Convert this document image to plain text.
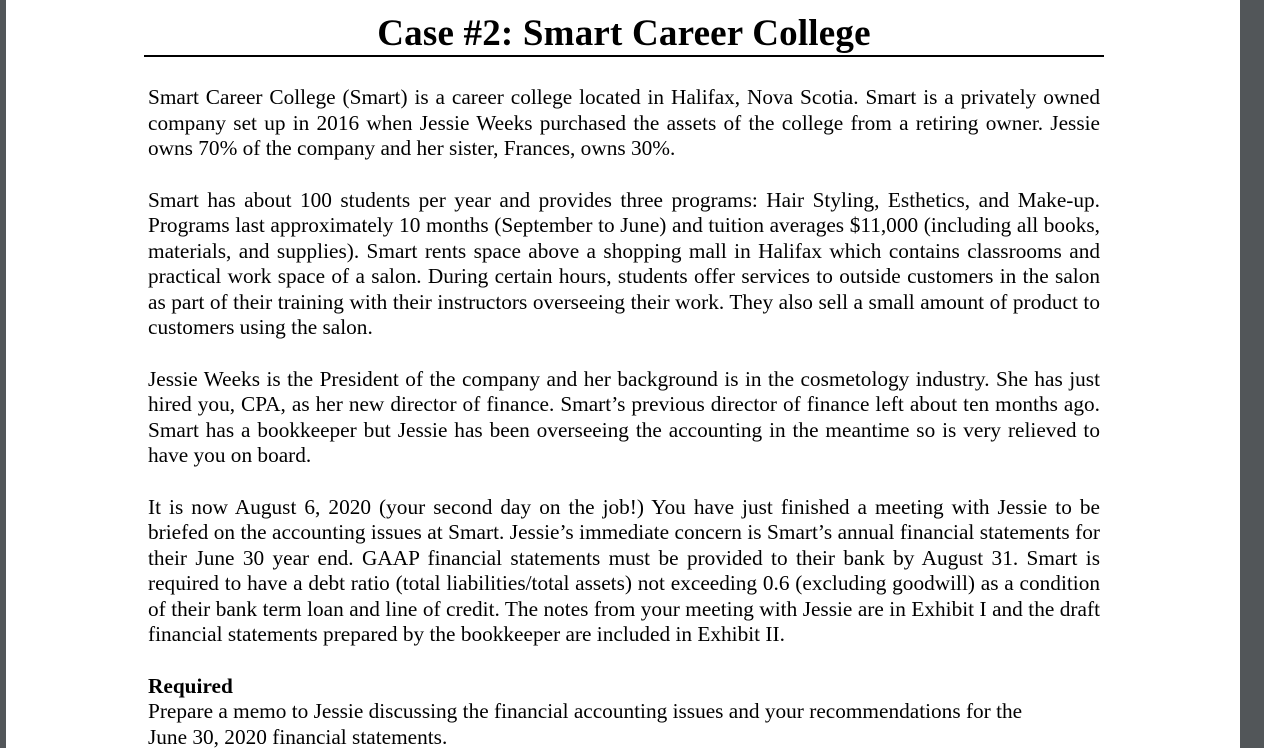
Case #2: Smart Career College

Smart Career College (Smart) is a career college located in Halifax, Nova Scotia. Smart is a privately owned company set up in 2016 when Jessie Weeks purchased the assets of the college from a retiring owner. Jessie owns 70% of the company and her sister, Frances, owns 30%.

Smart has about 100 students per year and provides three programs: Hair Styling, Esthetics, and Make-up. Programs last approximately 10 months (September to June) and tuition averages $11,000 (including all books, materials, and supplies). Smart rents space above a shopping mall in Halifax which contains classrooms and practical work space of a salon. During certain hours, students offer services to outside customers in the salon as part of their training with their instructors overseeing their work. They also sell a small amount of product to customers using the salon.

Jessie Weeks is the President of the company and her background is in the cosmetology industry. She has just hired you, CPA, as her new director of finance. Smart’s previous director of finance left about ten months ago. Smart has a bookkeeper but Jessie has been overseeing the accounting in the meantime so is very relieved to have you on board.

It is now August 6, 2020 (your second day on the job!) You have just finished a meeting with Jessie to be briefed on the accounting issues at Smart. Jessie’s immediate concern is Smart’s annual financial statements for their June 30 year end. GAAP financial statements must be provided to their bank by August 31. Smart is required to have a debt ratio (total liabilities/total assets) not exceeding 0.6 (excluding goodwill) as a condition of their bank term loan and line of credit. The notes from your meeting with Jessie are in Exhibit I and the draft financial statements prepared by the bookkeeper are included in Exhibit II.

Required

Prepare a memo to Jessie discussing the financial accounting issues and your recommendations for the

June 30, 2020 financial statements.
